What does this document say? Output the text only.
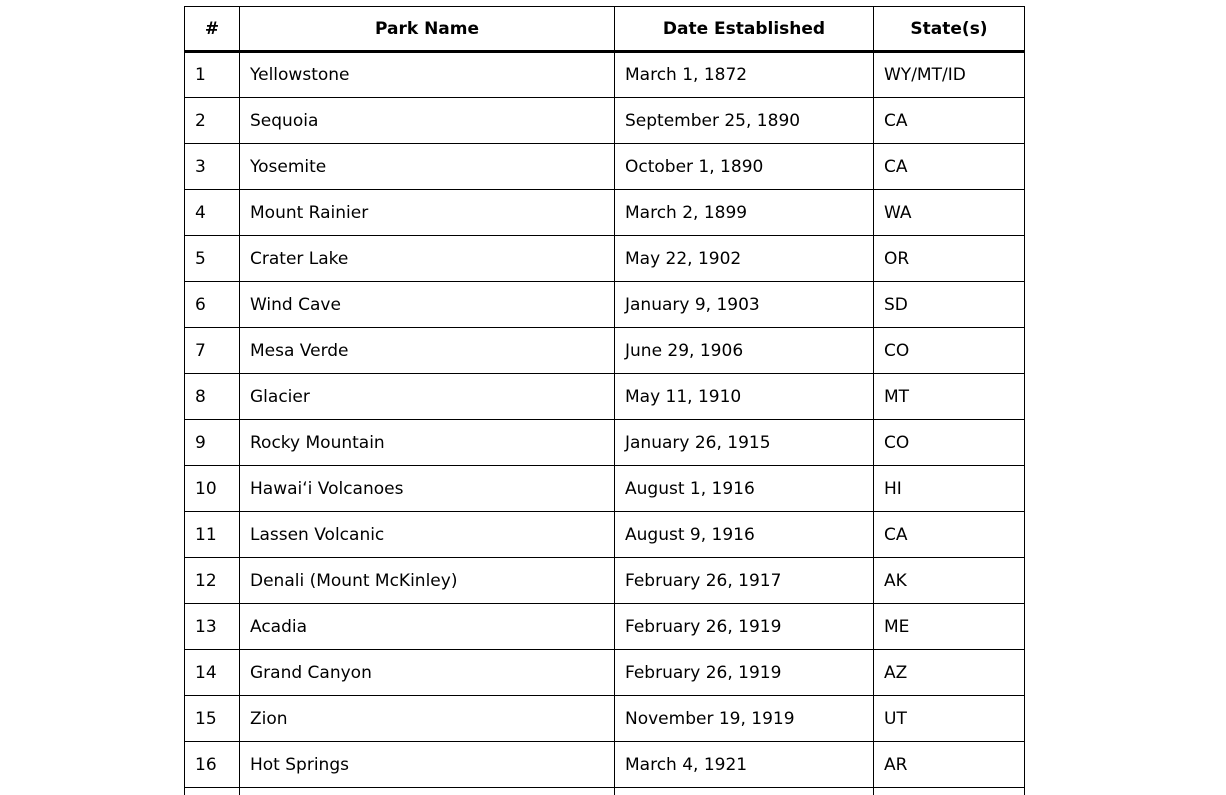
#	Park Name	Date Established	State(s)
1	Yellowstone	March 1, 1872	WY/MT/ID
2	Sequoia	September 25, 1890	CA
3	Yosemite	October 1, 1890	CA
4	Mount Rainier	March 2, 1899	WA
5	Crater Lake	May 22, 1902	OR
6	Wind Cave	January 9, 1903	SD
7	Mesa Verde	June 29, 1906	CO
8	Glacier	May 11, 1910	MT
9	Rocky Mountain	January 26, 1915	CO
10	Hawaiʻi Volcanoes	August 1, 1916	HI
11	Lassen Volcanic	August 9, 1916	CA
12	Denali (Mount McKinley)	February 26, 1917	AK
13	Acadia	February 26, 1919	ME
14	Grand Canyon	February 26, 1919	AZ
15	Zion	November 19, 1919	UT
16	Hot Springs	March 4, 1921	AR
